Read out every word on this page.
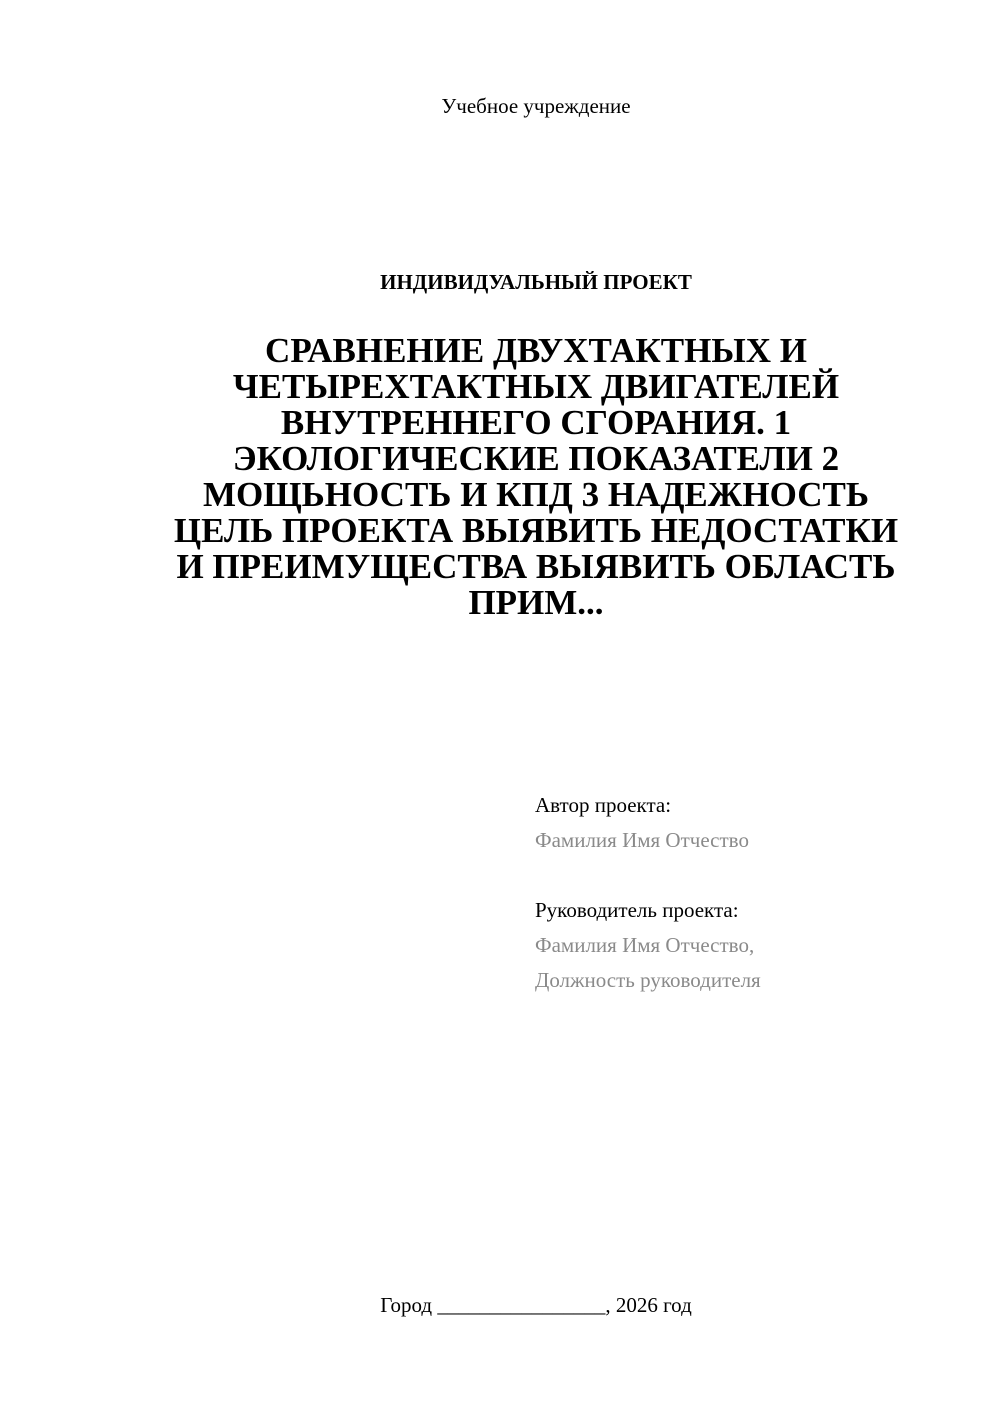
Учебное учреждение
ИНДИВИДУАЛЬНЫЙ ПРОЕКТ
СРАВНЕНИЕ ДВУХТАКТНЫХ И ЧЕТЫРЕХТАКТНЫХ ДВИГАТЕЛЕЙ ВНУТРЕННЕГО СГОРАНИЯ. 1 ЭКОЛОГИЧЕСКИЕ ПОКАЗАТЕЛИ 2 МОЩЬНОСТЬ И КПД 3 НАДЕЖНОСТЬ ЦЕЛЬ ПРОЕКТА ВЫЯВИТЬ НЕДОСТАТКИ И ПРЕИМУЩЕСТВА ВЫЯВИТЬ ОБЛАСТЬ ПРИМ...
Автор проекта:
Фамилия Имя Отчество
Руководитель проекта:
Фамилия Имя Отчество,
Должность руководителя
Город ________________, 2026 год
